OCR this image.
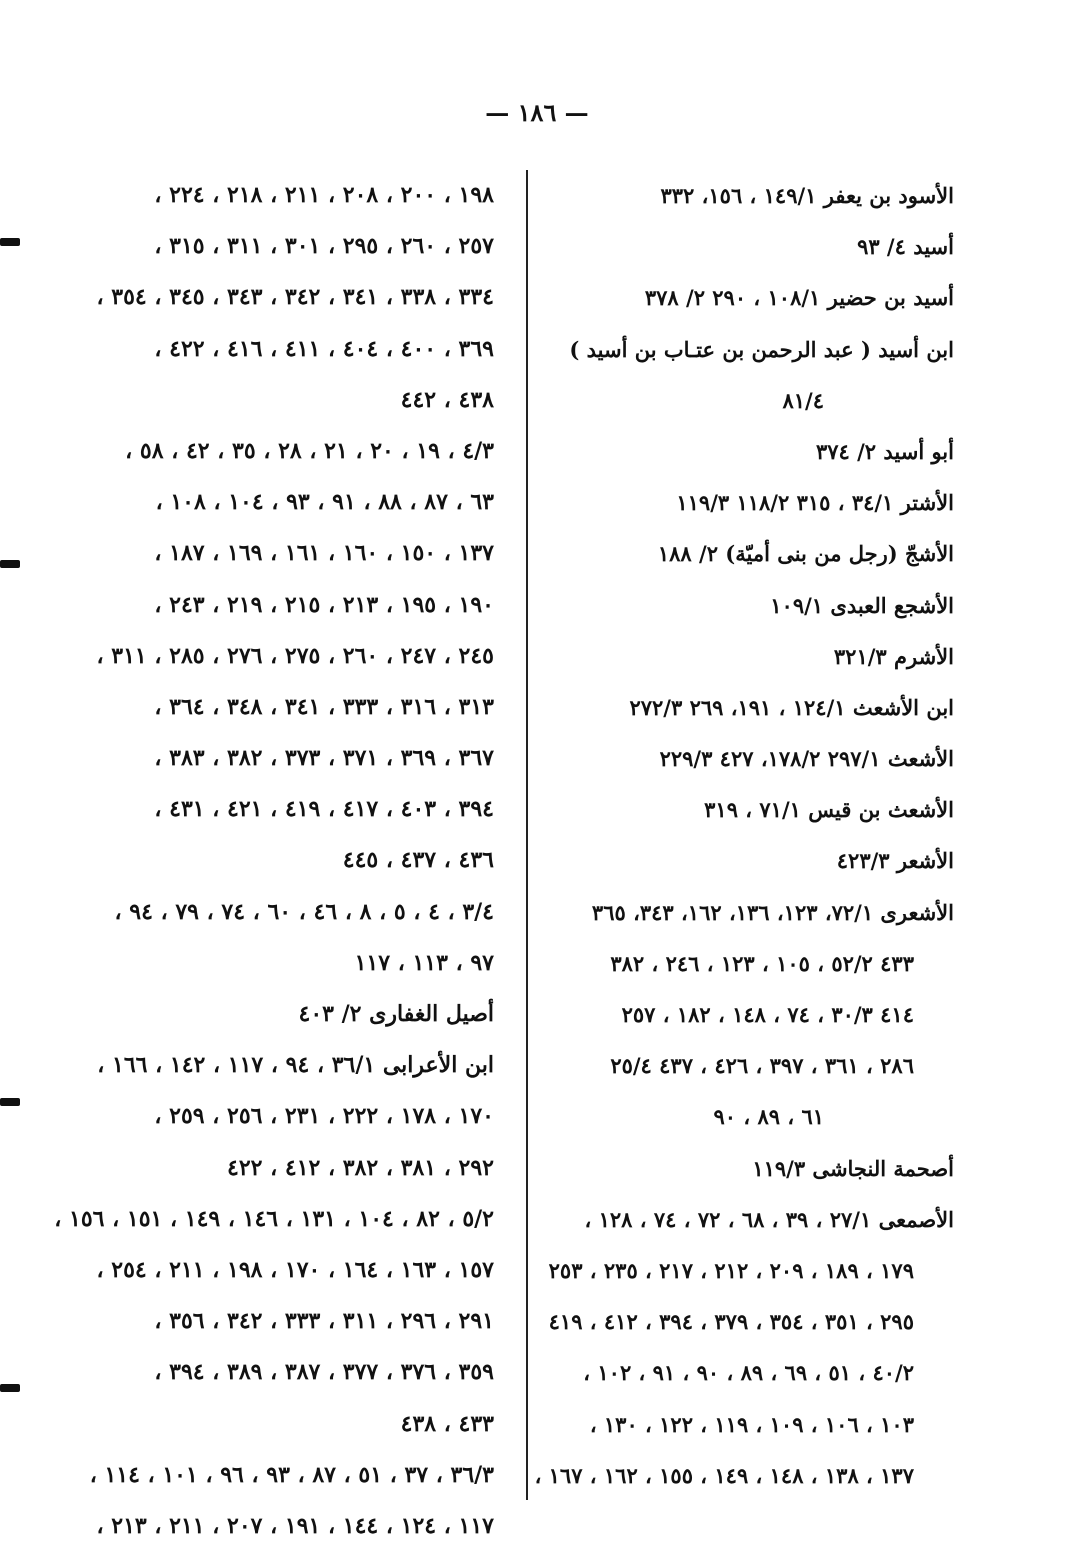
— ١٨٦ —
الأسود بن يعفر ١٤٩/١ ، ١٥٦، ٣٣٢
أسيد ٤/ ٩٣
أسيد بن حضير ١٠٨/١ ، ٢٩٠ ٢/ ٣٧٨
ابن أسيد ( عبد الرحمن بن عتـاب بن أسيد )
٨١/٤
أبو أسيد ٢/ ٣٧٤
الأشتر ٣٤/١ ، ٣١٥ ١١٨/٢ ١١٩/٣
الأشجّ (رجل من بنى أميّة) ٢/ ١٨٨
الأشجع العبدى ١٠٩/١
الأشرم ٣٢١/٣
ابن الأشعث ١٢٤/١ ، ١٩١، ٢٦٩ ٢٧٢/٣
الأشعث ٢٩٧/١ ١٧٨/٢، ٤٢٧ ٢٢٩/٣
الأشعث بن قيس ٧١/١ ، ٣١٩
الأشعر ٤٢٣/٣
الأشعرى ٧٢/١، ١٢٣، ١٣٦، ١٦٢، ٣٤٣، ٣٦٥
٤٣٣ ٥٢/٢ ، ١٠٥ ، ١٢٣ ، ٢٤٦ ، ٣٨٢
٤١٤ ٣٠/٣ ، ٧٤ ، ١٤٨ ، ١٨٢ ، ٢٥٧
٢٨٦ ، ٣٦١ ، ٣٩٧ ، ٤٢٦ ، ٤٣٧ ٢٥/٤
٦١ ، ٨٩ ، ٩٠
أصحمة النجاشى ١١٩/٣
الأصمعى ٢٧/١ ، ٣٩ ، ٦٨ ، ٧٢ ، ٧٤ ، ١٢٨ ،
١٧٩ ، ١٨٩ ، ٢٠٩ ، ٢١٢ ، ٢١٧ ، ٢٣٥ ، ٢٥٣
٢٩٥ ، ٣٥١ ، ٣٥٤ ، ٣٧٩ ، ٣٩٤ ، ٤١٢ ، ٤١٩
٤٠/٢ ، ٥١ ، ٦٩ ، ٨٩ ، ٩٠ ، ٩١ ، ١٠٢ ،
١٠٣ ، ١٠٦ ، ١٠٩ ، ١١٩ ، ١٢٢ ، ١٣٠ ،
١٣٧ ، ١٣٨ ، ١٤٨ ، ١٤٩ ، ١٥٥ ، ١٦٢ ، ١٦٧ ،
١٩٨ ، ٢٠٠ ، ٢٠٨ ، ٢١١ ، ٢١٨ ، ٢٢٤ ،
٢٥٧ ، ٢٦٠ ، ٢٩٥ ، ٣٠١ ، ٣١١ ، ٣١٥ ،
٣٣٤ ، ٣٣٨ ، ٣٤١ ، ٣٤٢ ، ٣٤٣ ، ٣٤٥ ، ٣٥٤ ،
٣٦٩ ، ٤٠٠ ، ٤٠٤ ، ٤١١ ، ٤١٦ ، ٤٢٢ ،
٤٣٨ ، ٤٤٢
٤/٣ ، ١٩ ، ٢٠ ، ٢١ ، ٢٨ ، ٣٥ ، ٤٢ ، ٥٨ ،
٦٣ ، ٨٧ ، ٨٨ ، ٩١ ، ٩٣ ، ١٠٤ ، ١٠٨ ،
١٣٧ ، ١٥٠ ، ١٦٠ ، ١٦١ ، ١٦٩ ، ١٨٧ ،
١٩٠ ، ١٩٥ ، ٢١٣ ، ٢١٥ ، ٢١٩ ، ٢٤٣ ،
٢٤٥ ، ٢٤٧ ، ٢٦٠ ، ٢٧٥ ، ٢٧٦ ، ٢٨٥ ، ٣١١ ،
٣١٣ ، ٣١٦ ، ٣٣٣ ، ٣٤١ ، ٣٤٨ ، ٣٦٤ ،
٣٦٧ ، ٣٦٩ ، ٣٧١ ، ٣٧٣ ، ٣٨٢ ، ٣٨٣ ،
٣٩٤ ، ٤٠٣ ، ٤١٧ ، ٤١٩ ، ٤٢١ ، ٤٣١ ،
٤٣٦ ، ٤٣٧ ، ٤٤٥
٣/٤ ، ٤ ، ٥ ، ٨ ، ٤٦ ، ٦٠ ، ٧٤ ، ٧٩ ، ٩٤ ،
٩٧ ، ١١٣ ، ١١٧
أصيل الغفارى ٢/ ٤٠٣
ابن الأعرابى ٣٦/١ ، ٩٤ ، ١١٧ ، ١٤٢ ، ١٦٦ ،
١٧٠ ، ١٧٨ ، ٢٢٢ ، ٢٣١ ، ٢٥٦ ، ٢٥٩ ،
٢٩٢ ، ٣٨١ ، ٣٨٢ ، ٤١٢ ، ٤٢٢
٥/٢ ، ٨٢ ، ١٠٤ ، ١٣١ ، ١٤٦ ، ١٤٩ ، ١٥١ ، ١٥٦ ،
١٥٧ ، ١٦٣ ، ١٦٤ ، ١٧٠ ، ١٩٨ ، ٢١١ ، ٢٥٤ ،
٢٩١ ، ٢٩٦ ، ٣١١ ، ٣٣٣ ، ٣٤٢ ، ٣٥٦ ،
٣٥٩ ، ٣٧٦ ، ٣٧٧ ، ٣٨٧ ، ٣٨٩ ، ٣٩٤ ،
٤٣٣ ، ٤٣٨
٣٦/٣ ، ٣٧ ، ٥١ ، ٨٧ ، ٩٣ ، ٩٦ ، ١٠١ ، ١١٤ ،
١١٧ ، ١٢٤ ، ١٤٤ ، ١٩١ ، ٢٠٧ ، ٢١١ ، ٢١٣ ،
